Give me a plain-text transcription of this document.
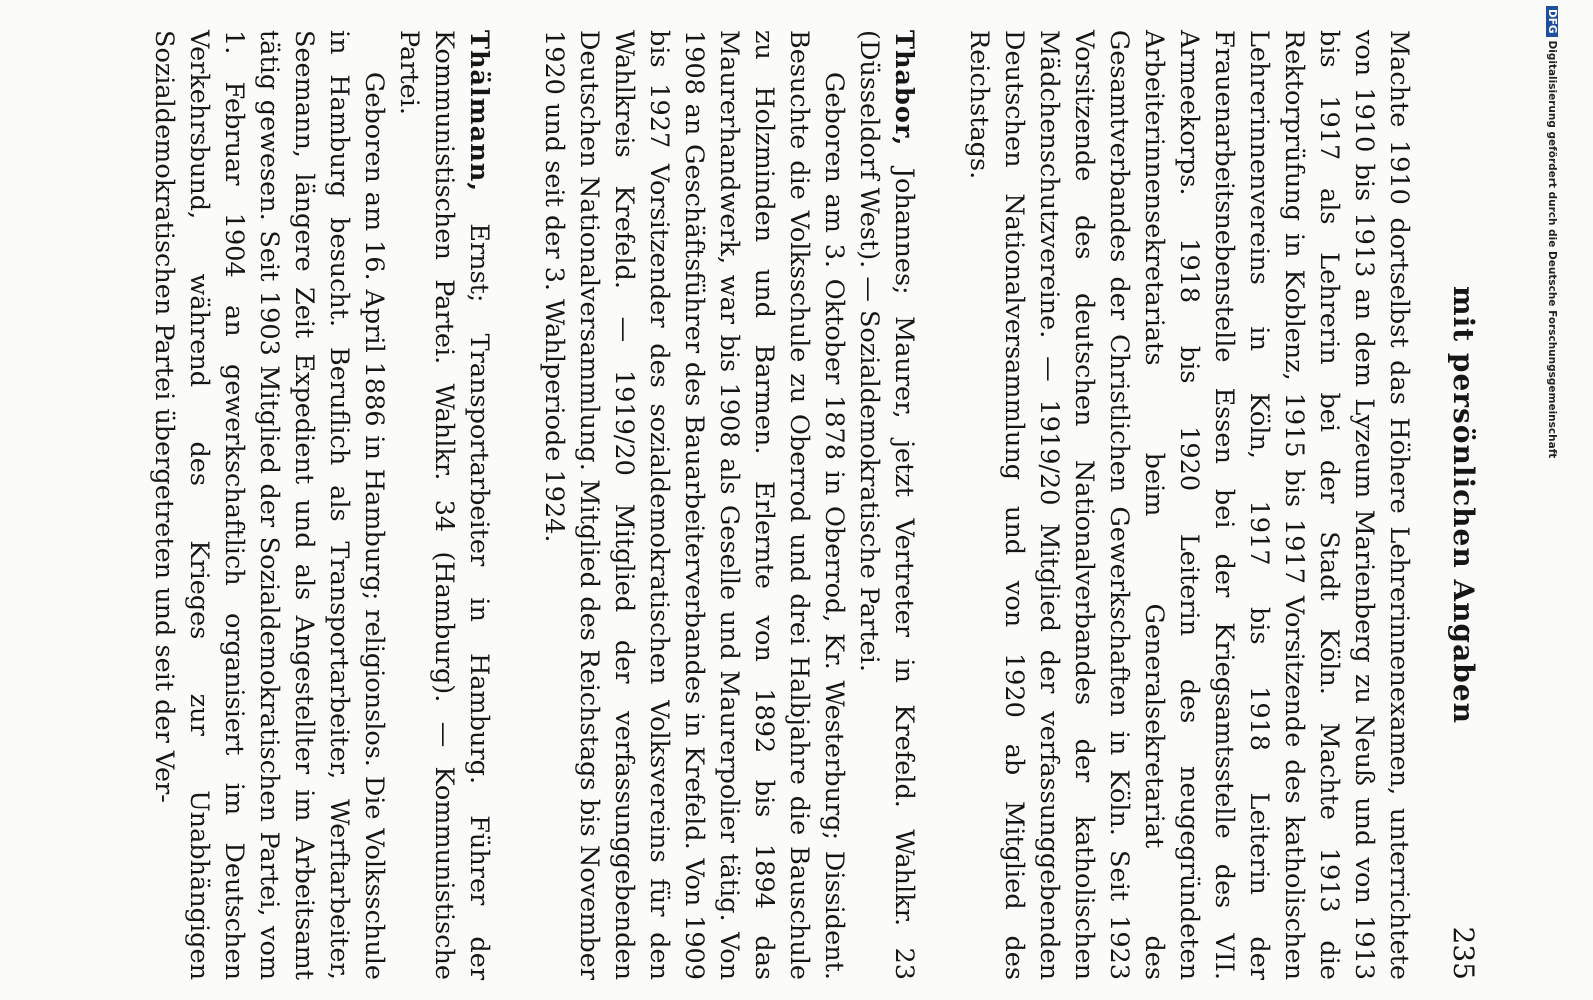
mit persönlichen Angaben
235

Machte 1910 dortselbst das Höhere Lehrerinnenexamen, unterrichtete von 1910 bis 1913 an dem Lyzeum Marienberg zu Neuß und von 1913 bis 1917 als Lehrerin bei der Stadt Köln. Machte 1913 die Rektorprüfung in Koblenz, 1915 bis 1917 Vorsitzende des katholischen Lehrerinnenvereins in Köln, 1917 bis 1918 Leiterin der Frauenarbeitsnebenstelle Essen bei der Kriegsamtsstelle des VII. Armeekorps. 1918 bis 1920 Leiterin des neugegründeten Arbeiterinnensekretariats beim Generalsekretariat des Gesamtverbandes der Christlichen Gewerkschaften in Köln. Seit 1923 Vorsitzende des deutschen Nationalverbandes der katholischen Mädchenschutzvereine. — 1919/20 Mitglied der verfassunggebenden Deutschen Nationalversammlung und von 1920 ab Mitglied des Reichstags.

Thabor, Johannes; Maurer, jetzt Vertreter in Krefeld. Wahlkr. 23 (Düsseldorf West). — Sozialdemokratische Partei.

Geboren am 3. Oktober 1878 in Oberrod, Kr. Westerburg; Dissident. Besuchte die Volksschule zu Oberrod und drei Halbjahre die Bauschule zu Holzminden und Barmen. Erlernte von 1892 bis 1894 das Maurerhandwerk, war bis 1908 als Geselle und Maurerpolier tätig. Von 1908 an Geschäftsführer des Bauarbeiterverbandes in Krefeld. Von 1909 bis 1927 Vorsitzender des sozialdemokratischen Volksvereins für den Wahlkreis Krefeld. — 1919/20 Mitglied der verfassunggebenden Deutschen Nationalversammlung. Mitglied des Reichstags bis November 1920 und seit der 3. Wahlperiode 1924.

Thälmann, Ernst; Transportarbeiter in Hamburg. Führer der Kommunistischen Partei. Wahlkr. 34 (Hamburg). — Kommunistische Partei.

Geboren am 16. April 1886 in Hamburg; religionslos. Die Volksschule in Hamburg besucht. Beruflich als Transportarbeiter, Werftarbeiter, Seemann, längere Zeit Expedient und als Angestellter im Arbeitsamt tätig gewesen. Seit 1903 Mitglied der Sozialdemokratischen Partei, vom 1. Februar 1904 an gewerkschaftlich organisiert im Deutschen Verkehrsbund, während des Krieges zur Unabhängigen Sozialdemokratischen Partei übergetreten und seit der Ver-

DFGDigitalisierung gefördert durch die Deutsche Forschungsgemeinschaft
